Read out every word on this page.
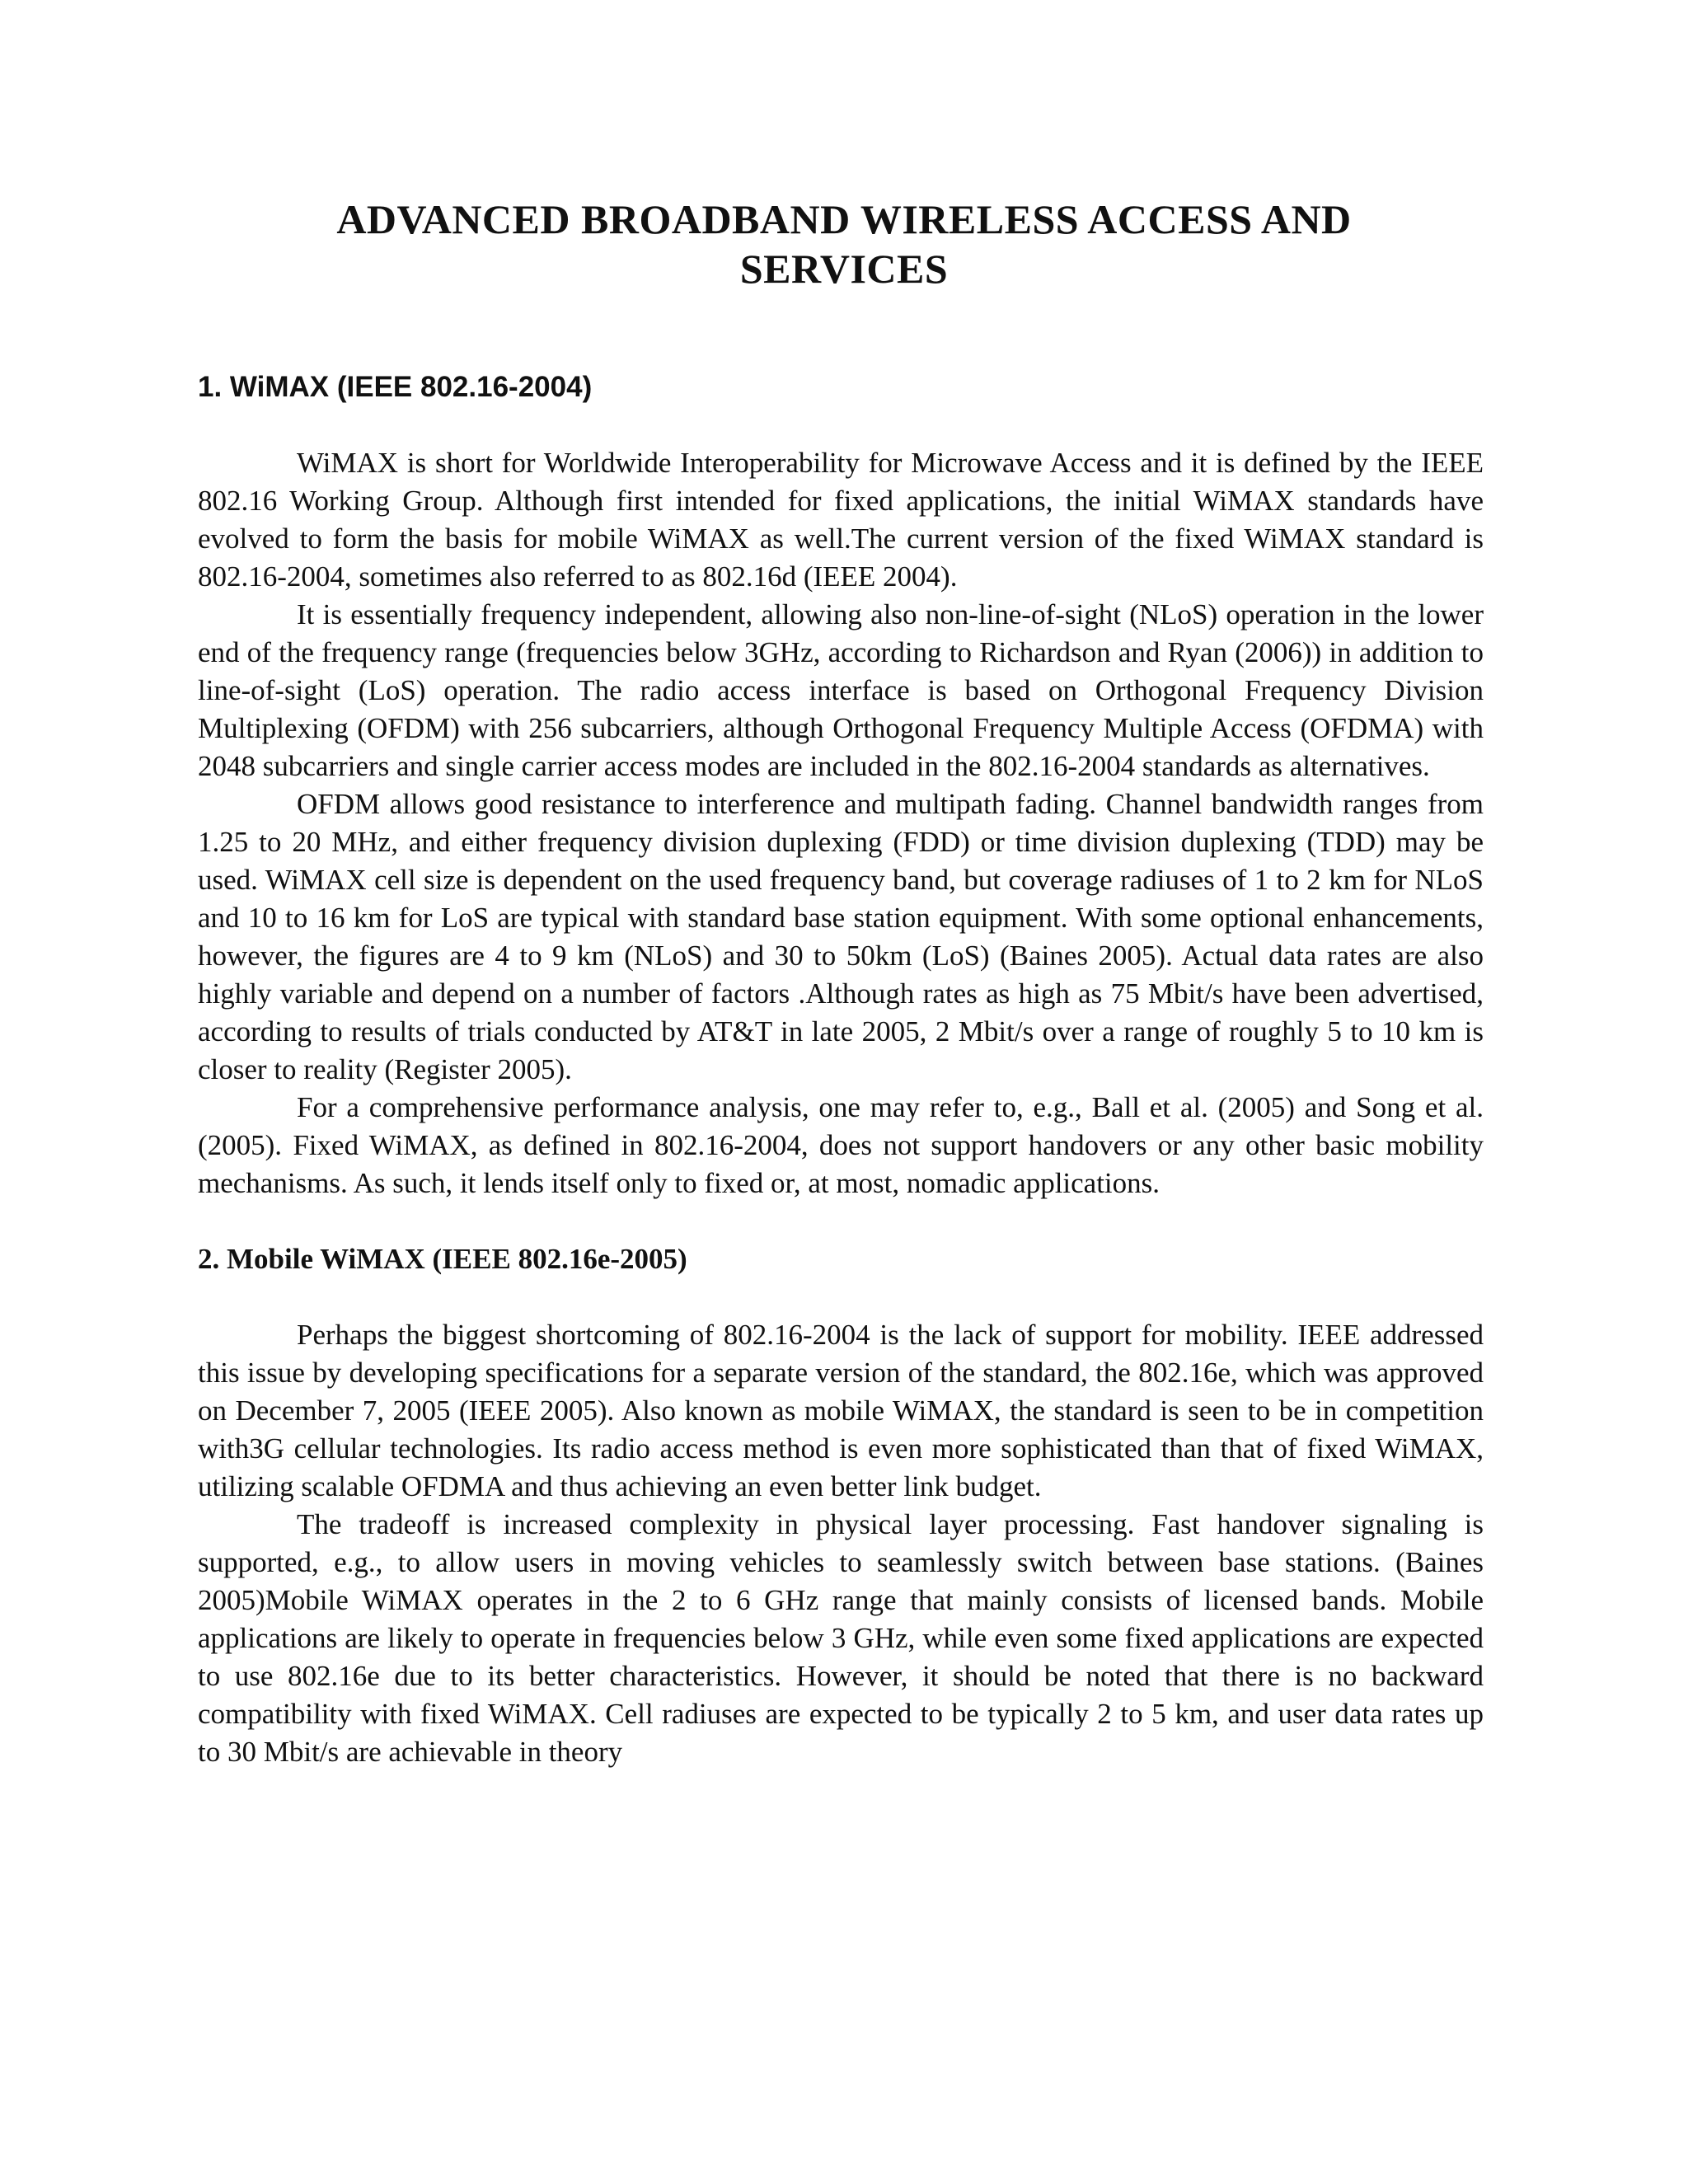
ADVANCED BROADBAND WIRELESS ACCESS AND
SERVICES
1. WiMAX (IEEE 802.16-2004)

WiMAX is short for Worldwide Interoperability for Microwave Access and it is defined by the IEEE 802.16 Working Group. Although first intended for fixed applications, the initial WiMAX standards have evolved to form the basis for mobile WiMAX as well.The current version of the fixed WiMAX standard is 802.16-2004, sometimes also referred to as 802.16d (IEEE 2004).

It is essentially frequency independent, allowing also non-line-of-sight (NLoS) operation in the lower end of the frequency range (frequencies below 3GHz, according to Richardson and Ryan (2006)) in addition to line-of-sight (LoS) operation. The radio access interface is based on Orthogonal Frequency Division Multiplexing (OFDM) with 256 subcarriers, although Orthogonal Frequency Multiple Access (OFDMA) with 2048 subcarriers and single carrier access modes are included in the 802.16-2004 standards as alternatives.

OFDM allows good resistance to interference and multipath fading. Channel bandwidth ranges from 1.25 to 20 MHz, and either frequency division duplexing (FDD) or time division duplexing (TDD) may be used. WiMAX cell size is dependent on the used frequency band, but coverage radiuses of 1 to 2 km for NLoS and 10 to 16 km for LoS are typical with standard base station equipment. With some optional enhancements, however, the figures are 4 to 9 km (NLoS) and 30 to 50km (LoS) (Baines 2005). Actual data rates are also highly variable and depend on a number of factors .Although rates as high as 75 Mbit/s have been advertised, according to results of trials conducted by AT&T in late 2005, 2 Mbit/s over a range of roughly 5 to 10 km is closer to reality (Register 2005).

For a comprehensive performance analysis, one may refer to, e.g., Ball et al. (2005) and Song et al. (2005). Fixed WiMAX, as defined in 802.16-2004, does not support handovers or any other basic mobility mechanisms. As such, it lends itself only to fixed or, at most, nomadic applications.

2. Mobile WiMAX (IEEE 802.16e-2005)

Perhaps the biggest shortcoming of 802.16-2004 is the lack of support for mobility. IEEE addressed this issue by developing specifications for a separate version of the standard, the 802.16e, which was approved on December 7, 2005 (IEEE 2005). Also known as mobile WiMAX, the standard is seen to be in competition with3G cellular technologies. Its radio access method is even more sophisticated than that of fixed WiMAX, utilizing scalable OFDMA and thus achieving an even better link budget.

The tradeoff is increased complexity in physical layer processing. Fast handover signaling is supported, e.g., to allow users in moving vehicles to seamlessly switch between base stations. (Baines 2005)Mobile WiMAX operates in the 2 to 6 GHz range that mainly consists of licensed bands. Mobile applications are likely to operate in frequencies below 3 GHz, while even some fixed applications are expected to use 802.16e due to its better characteristics. However, it should be noted that there is no backward compatibility with fixed WiMAX. Cell radiuses are expected to be typically 2 to 5 km, and user data rates up to 30 Mbit/s are achievable in theory
